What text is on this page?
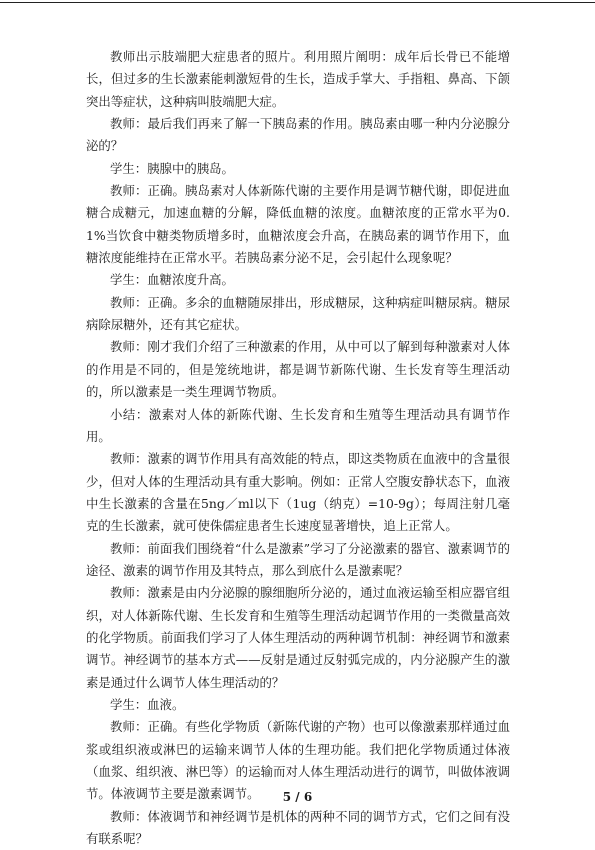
教师出示肢端肥大症患者的照片。利用照片阐明：成年后长骨已不能增长，但过多的生长激素能刺激短骨的生长，造成手掌大、手指粗、鼻高、下颌突出等症状，这种病叫肢端肥大症。

教师：最后我们再来了解一下胰岛素的作用。胰岛素由哪一种内分泌腺分泌的？

学生：胰腺中的胰岛。

教师：正确。胰岛素对人体新陈代谢的主要作用是调节糖代谢，即促进血糖合成糖元，加速血糖的分解，降低血糖的浓度。血糖浓度的正常水平为0.1%当饮食中糖类物质增多时，血糖浓度会升高，在胰岛素的调节作用下，血糖浓度能维持在正常水平。若胰岛素分泌不足，会引起什么现象呢？

学生：血糖浓度升高。

教师：正确。多余的血糖随尿排出，形成糖尿，这种病症叫糖尿病。糖尿病除尿糖外，还有其它症状。

教师：刚才我们介绍了三种激素的作用，从中可以了解到每种激素对人体的作用是不同的，但是笼统地讲，都是调节新陈代谢、生长发育等生理活动的，所以激素是一类生理调节物质。

小结：激素对人体的新陈代谢、生长发育和生殖等生理活动具有调节作用。

教师：激素的调节作用具有高效能的特点，即这类物质在血液中的含量很少，但对人体的生理活动具有重大影响。例如：正常人空腹安静状态下，血液中生长激素的含量在5ng／ml以下（1ug（纳克）=10-9g）；每周注射几毫克的生长激素，就可使侏儒症患者生长速度显著增快，追上正常人。

教师：前面我们围绕着“什么是激素”学习了分泌激素的器官、激素调节的途径、激素的调节作用及其特点，那么到底什么是激素呢？

教师：激素是由内分泌腺的腺细胞所分泌的，通过血液运输至相应器官组织，对人体新陈代谢、生长发育和生殖等生理活动起调节作用的一类微量高效的化学物质。前面我们学习了人体生理活动的两种调节机制：神经调节和激素调节。神经调节的基本方式——反射是通过反射弧完成的，内分泌腺产生的激素是通过什么调节人体生理活动的？

学生：血液。

教师：正确。有些化学物质（新陈代谢的产物）也可以像激素那样通过血浆或组织液或淋巴的运输来调节人体的生理功能。我们把化学物质通过体液（血浆、组织液、淋巴等）的运输而对人体生理活动进行的调节，叫做体液调节。体液调节主要是激素调节。

教师：体液调节和神经调节是机体的两种不同的调节方式，它们之间有没有联系呢？

5 / 6
